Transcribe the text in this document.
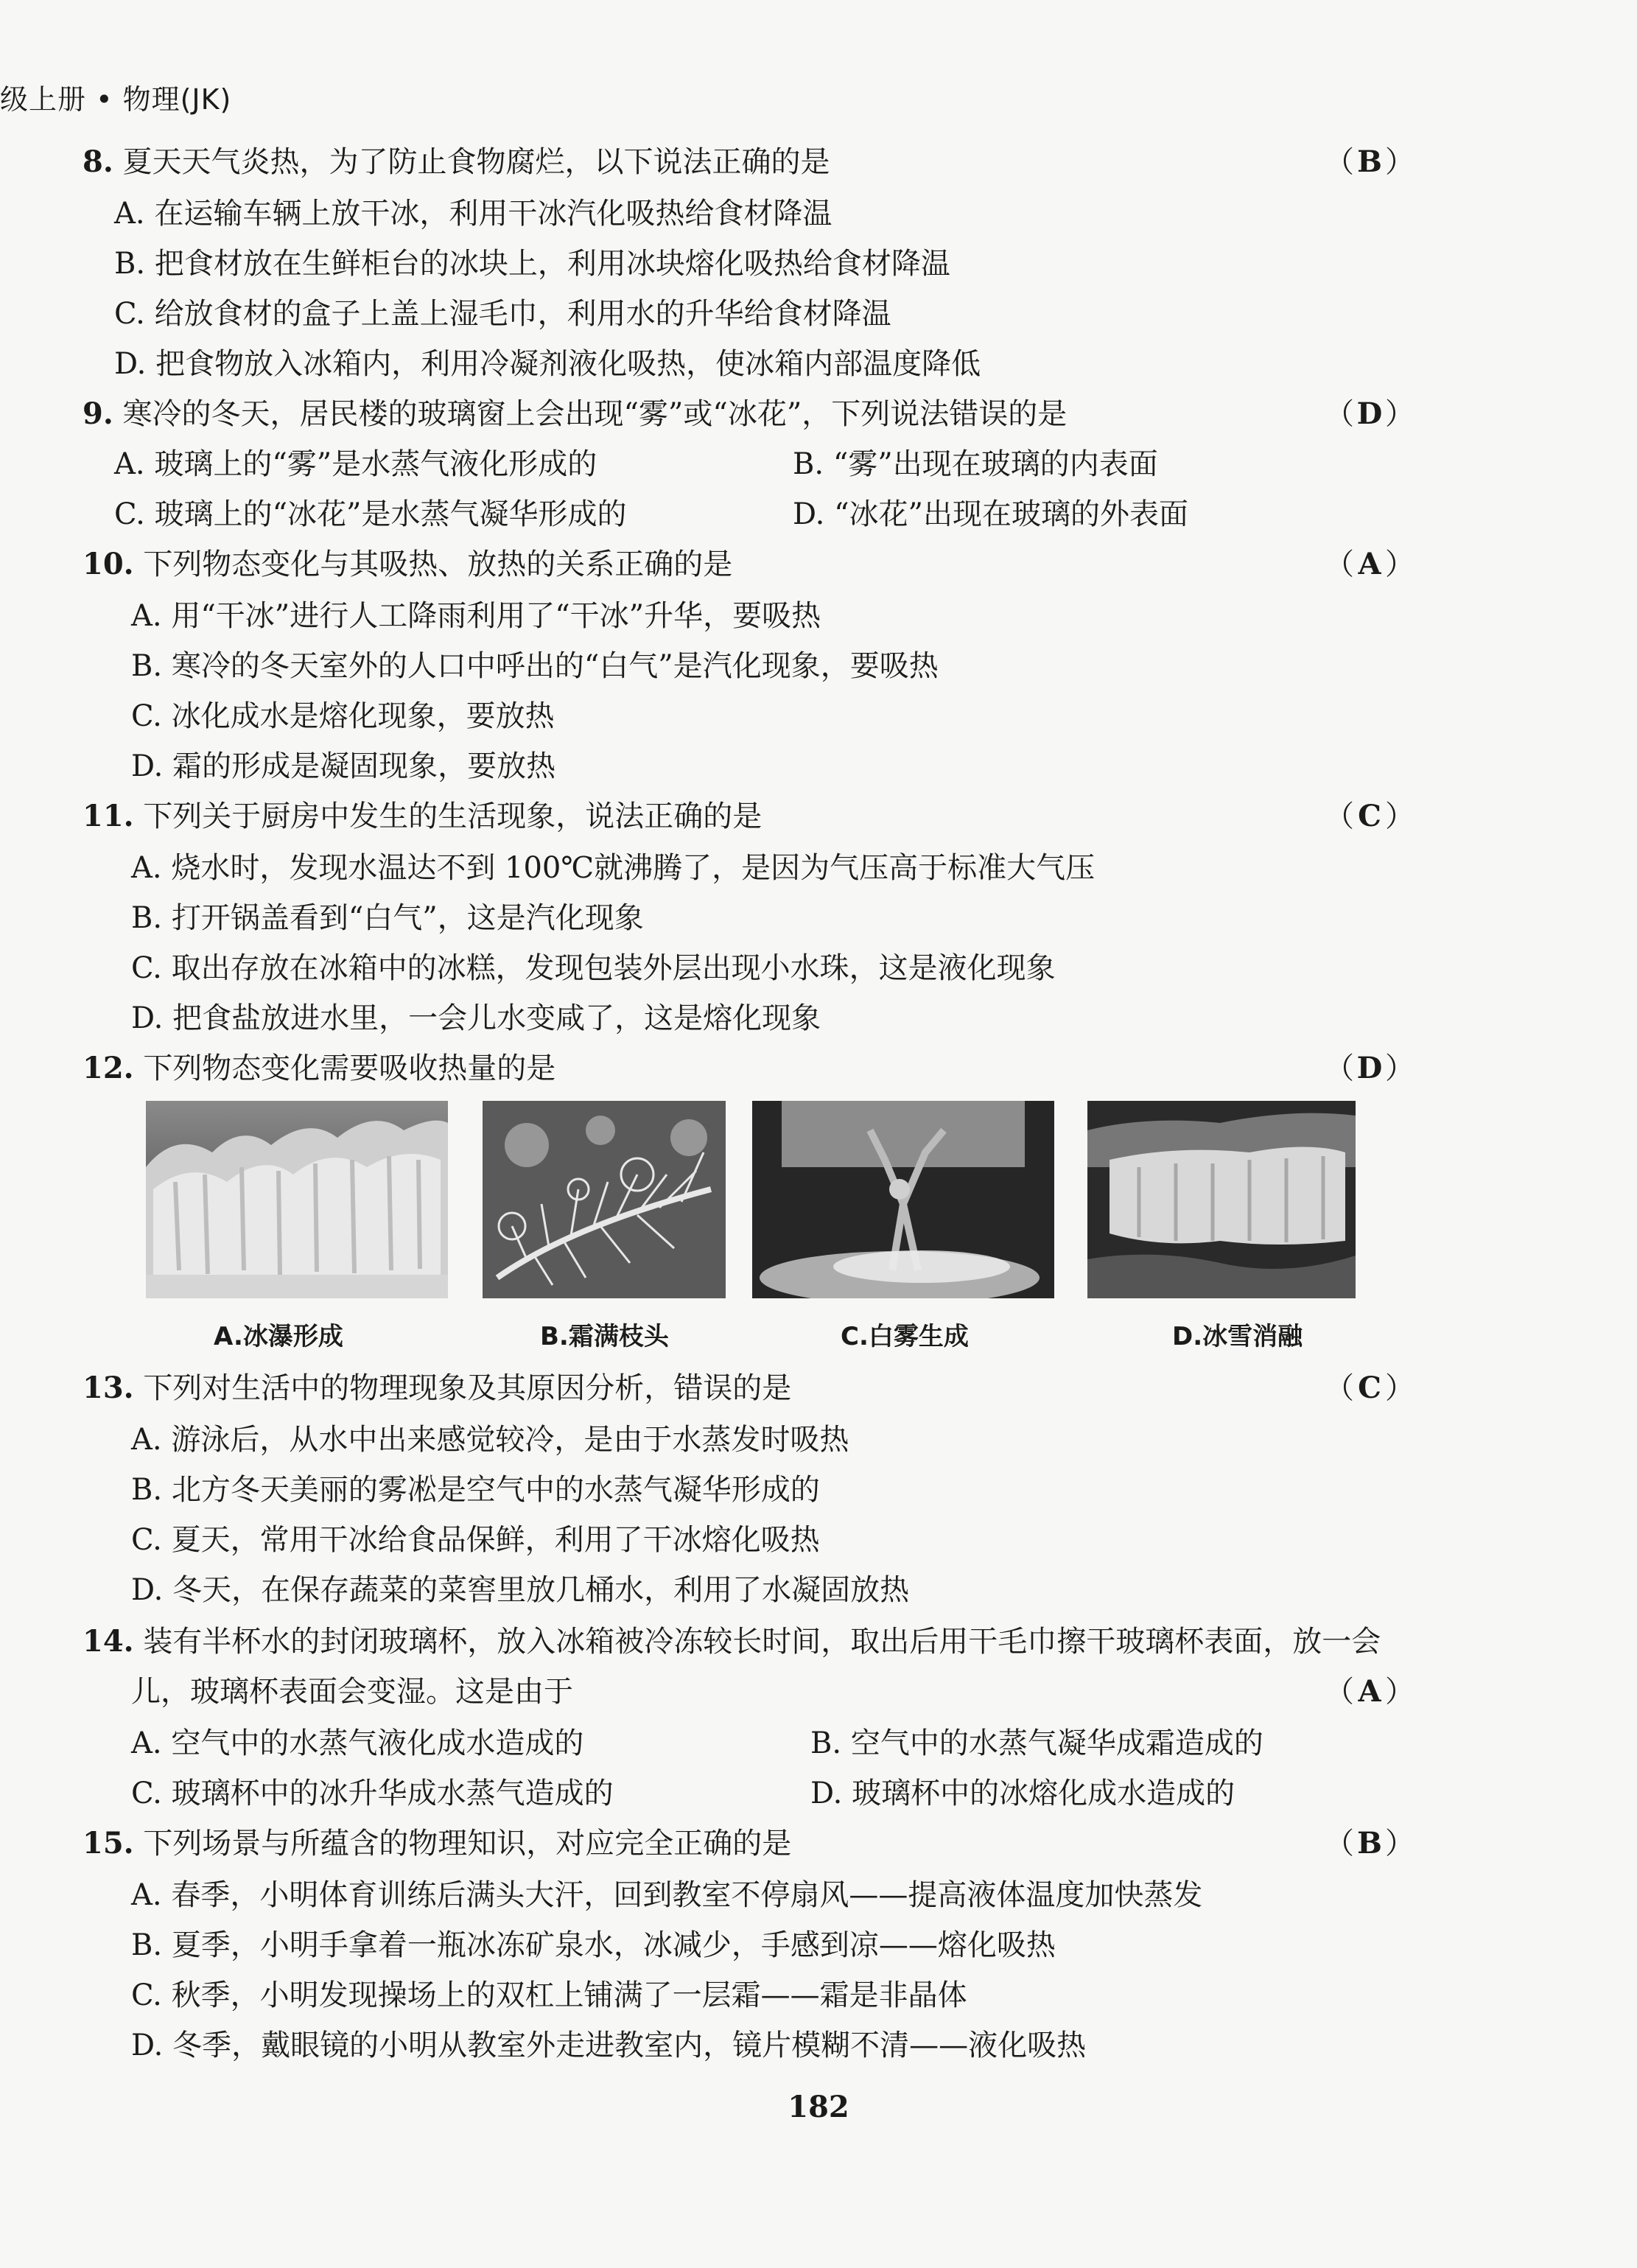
级上册 • 物理(JK)
8. 夏天天气炎热，为了防止食物腐烂，以下说法正确的是	（ B ）
A. 在运输车辆上放干冰，利用干冰汽化吸热给食材降温
B. 把食材放在生鲜柜台的冰块上，利用冰块熔化吸热给食材降温
C. 给放食材的盒子上盖上湿毛巾，利用水的升华给食材降温
D. 把食物放入冰箱内，利用冷凝剂液化吸热，使冰箱内部温度降低
9. 寒冷的冬天，居民楼的玻璃窗上会出现“雾”或“冰花”，下列说法错误的是	（D）
A. 玻璃上的“雾”是水蒸气液化形成的	B. “雾”出现在玻璃的内表面
C. 玻璃上的“冰花”是水蒸气凝华形成的	D. “冰花”出现在玻璃的外表面
10. 下列物态变化与其吸热、放热的关系正确的是	（ A ）
A. 用“干冰”进行人工降雨利用了“干冰”升华，要吸热
B. 寒冷的冬天室外的人口中呼出的“白气”是汽化现象，要吸热
C. 冰化成水是熔化现象，要放热
D. 霜的形成是凝固现象，要放热
11. 下列关于厨房中发生的生活现象，说法正确的是	（ C ）
A. 烧水时，发现水温达不到 100℃就沸腾了，是因为气压高于标准大气压
B. 打开锅盖看到“白气”，这是汽化现象
C. 取出存放在冰箱中的冰糕，发现包装外层出现小水珠，这是液化现象
D. 把食盐放进水里，一会儿水变咸了，这是熔化现象
12. 下列物态变化需要吸收热量的是	（D）
A.冰瀑形成	B.霜满枝头	C.白雾生成	D.冰雪消融
13. 下列对生活中的物理现象及其原因分析，错误的是	（ C ）
A. 游泳后，从水中出来感觉较冷，是由于水蒸发时吸热
B. 北方冬天美丽的雾凇是空气中的水蒸气凝华形成的
C. 夏天，常用干冰给食品保鲜，利用了干冰熔化吸热
D. 冬天，在保存蔬菜的菜窖里放几桶水，利用了水凝固放热
14. 装有半杯水的封闭玻璃杯，放入冰箱被冷冻较长时间，取出后用干毛巾擦干玻璃杯表面，放一会
儿，玻璃杯表面会变湿。这是由于	（ A ）
A. 空气中的水蒸气液化成水造成的	B. 空气中的水蒸气凝华成霜造成的
C. 玻璃杯中的冰升华成水蒸气造成的	D. 玻璃杯中的冰熔化成水造成的
15. 下列场景与所蕴含的物理知识，对应完全正确的是	（ B ）
A. 春季，小明体育训练后满头大汗，回到教室不停扇风——提高液体温度加快蒸发
B. 夏季，小明手拿着一瓶冰冻矿泉水，冰减少，手感到凉——熔化吸热
C. 秋季，小明发现操场上的双杠上铺满了一层霜——霜是非晶体
D. 冬季，戴眼镜的小明从教室外走进教室内，镜片模糊不清——液化吸热
182
